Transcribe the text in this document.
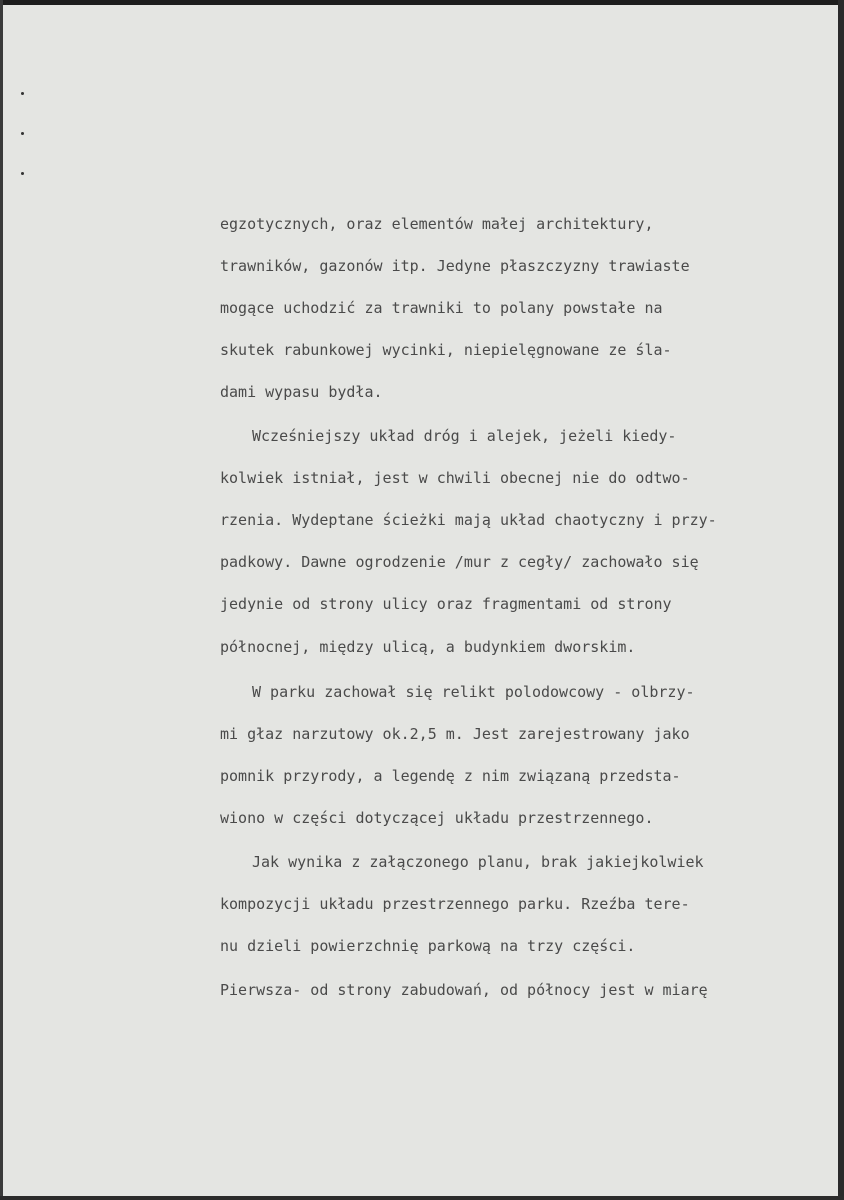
egzotycznych, oraz elementów małej architektury,
trawników, gazonów itp. Jedyne płaszczyzny trawiaste
mogące uchodzić za trawniki to polany powstałe na
skutek rabunkowej wycinki, niepielęgnowane ze śla-
dami wypasu bydła.
Wcześniejszy układ dróg i alejek, jeżeli kiedy-
kolwiek istniał, jest w chwili obecnej nie do odtwo-
rzenia. Wydeptane ścieżki mają układ chaotyczny i przy-
padkowy. Dawne ogrodzenie /mur z cegły/ zachowało się
jedynie od strony ulicy oraz fragmentami od strony
północnej, między ulicą, a budynkiem dworskim.
W parku zachował się relikt polodowcowy - olbrzy-
mi głaz narzutowy ok.2,5 m. Jest zarejestrowany jako
pomnik przyrody, a legendę z nim związaną przedsta-
wiono w części dotyczącej układu przestrzennego.
Jak wynika z załączonego planu, brak jakiejkolwiek
kompozycji układu przestrzennego parku. Rzeźba tere-
nu dzieli powierzchnię parkową na trzy części.
Pierwsza- od strony zabudowań, od północy jest w miarę
